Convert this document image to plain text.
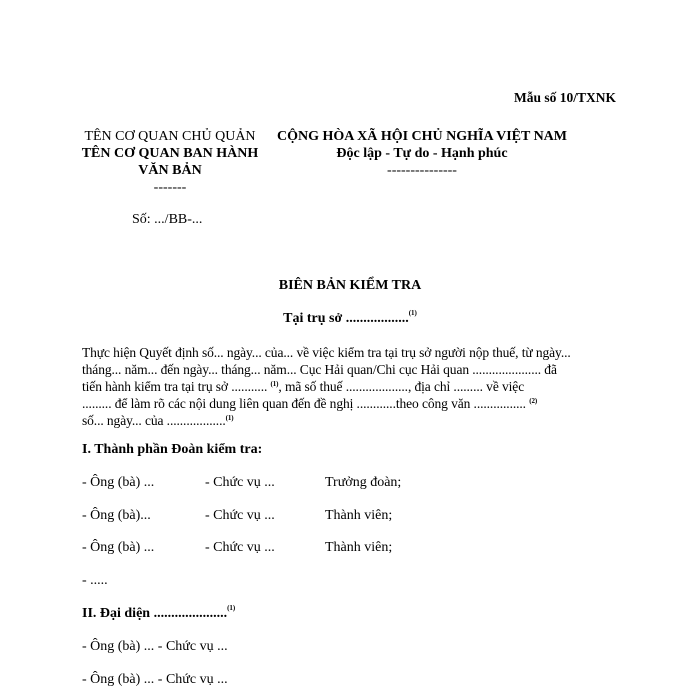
Mẫu số 10/TXNK
TÊN CƠ QUAN CHỦ QUẢN
TÊN CƠ QUAN BAN HÀNH
VĂN BẢN
-------
Số: .../BB-...
CỘNG HÒA XÃ HỘI CHỦ NGHĨA VIỆT NAM
Độc lập - Tự do - Hạnh phúc
---------------
BIÊN BẢN KIỂM TRA
Tại trụ sở ..................$^{(1)}$
Thực hiện Quyết định số... ngày... của... về việc kiểm tra tại trụ sở người nộp thuế, từ ngày...
tháng... năm... đến ngày... tháng... năm... Cục Hải quan/Chi cục Hải quan ..................... đã
tiến hành kiểm tra tại trụ sở ........... $^{(1)}$, mã số thuế ..................., địa chỉ ......... về việc
......... để làm rõ các nội dung liên quan đến đề nghị ............theo công văn ................ $^{(2)}$
số... ngày... của ..................$^{(1)}$
I. Thành phần Đoàn kiểm tra:
- Ông (bà) ...	- Chức vụ ...	Trưởng đoàn;
- Ông (bà)...	- Chức vụ ...	Thành viên;
- Ông (bà) ...	- Chức vụ ...	Thành viên;
- .....
II. Đại diện .....................$^{(1)}$
- Ông (bà) ... - Chức vụ ...
- Ông (bà) ... - Chức vụ ...
